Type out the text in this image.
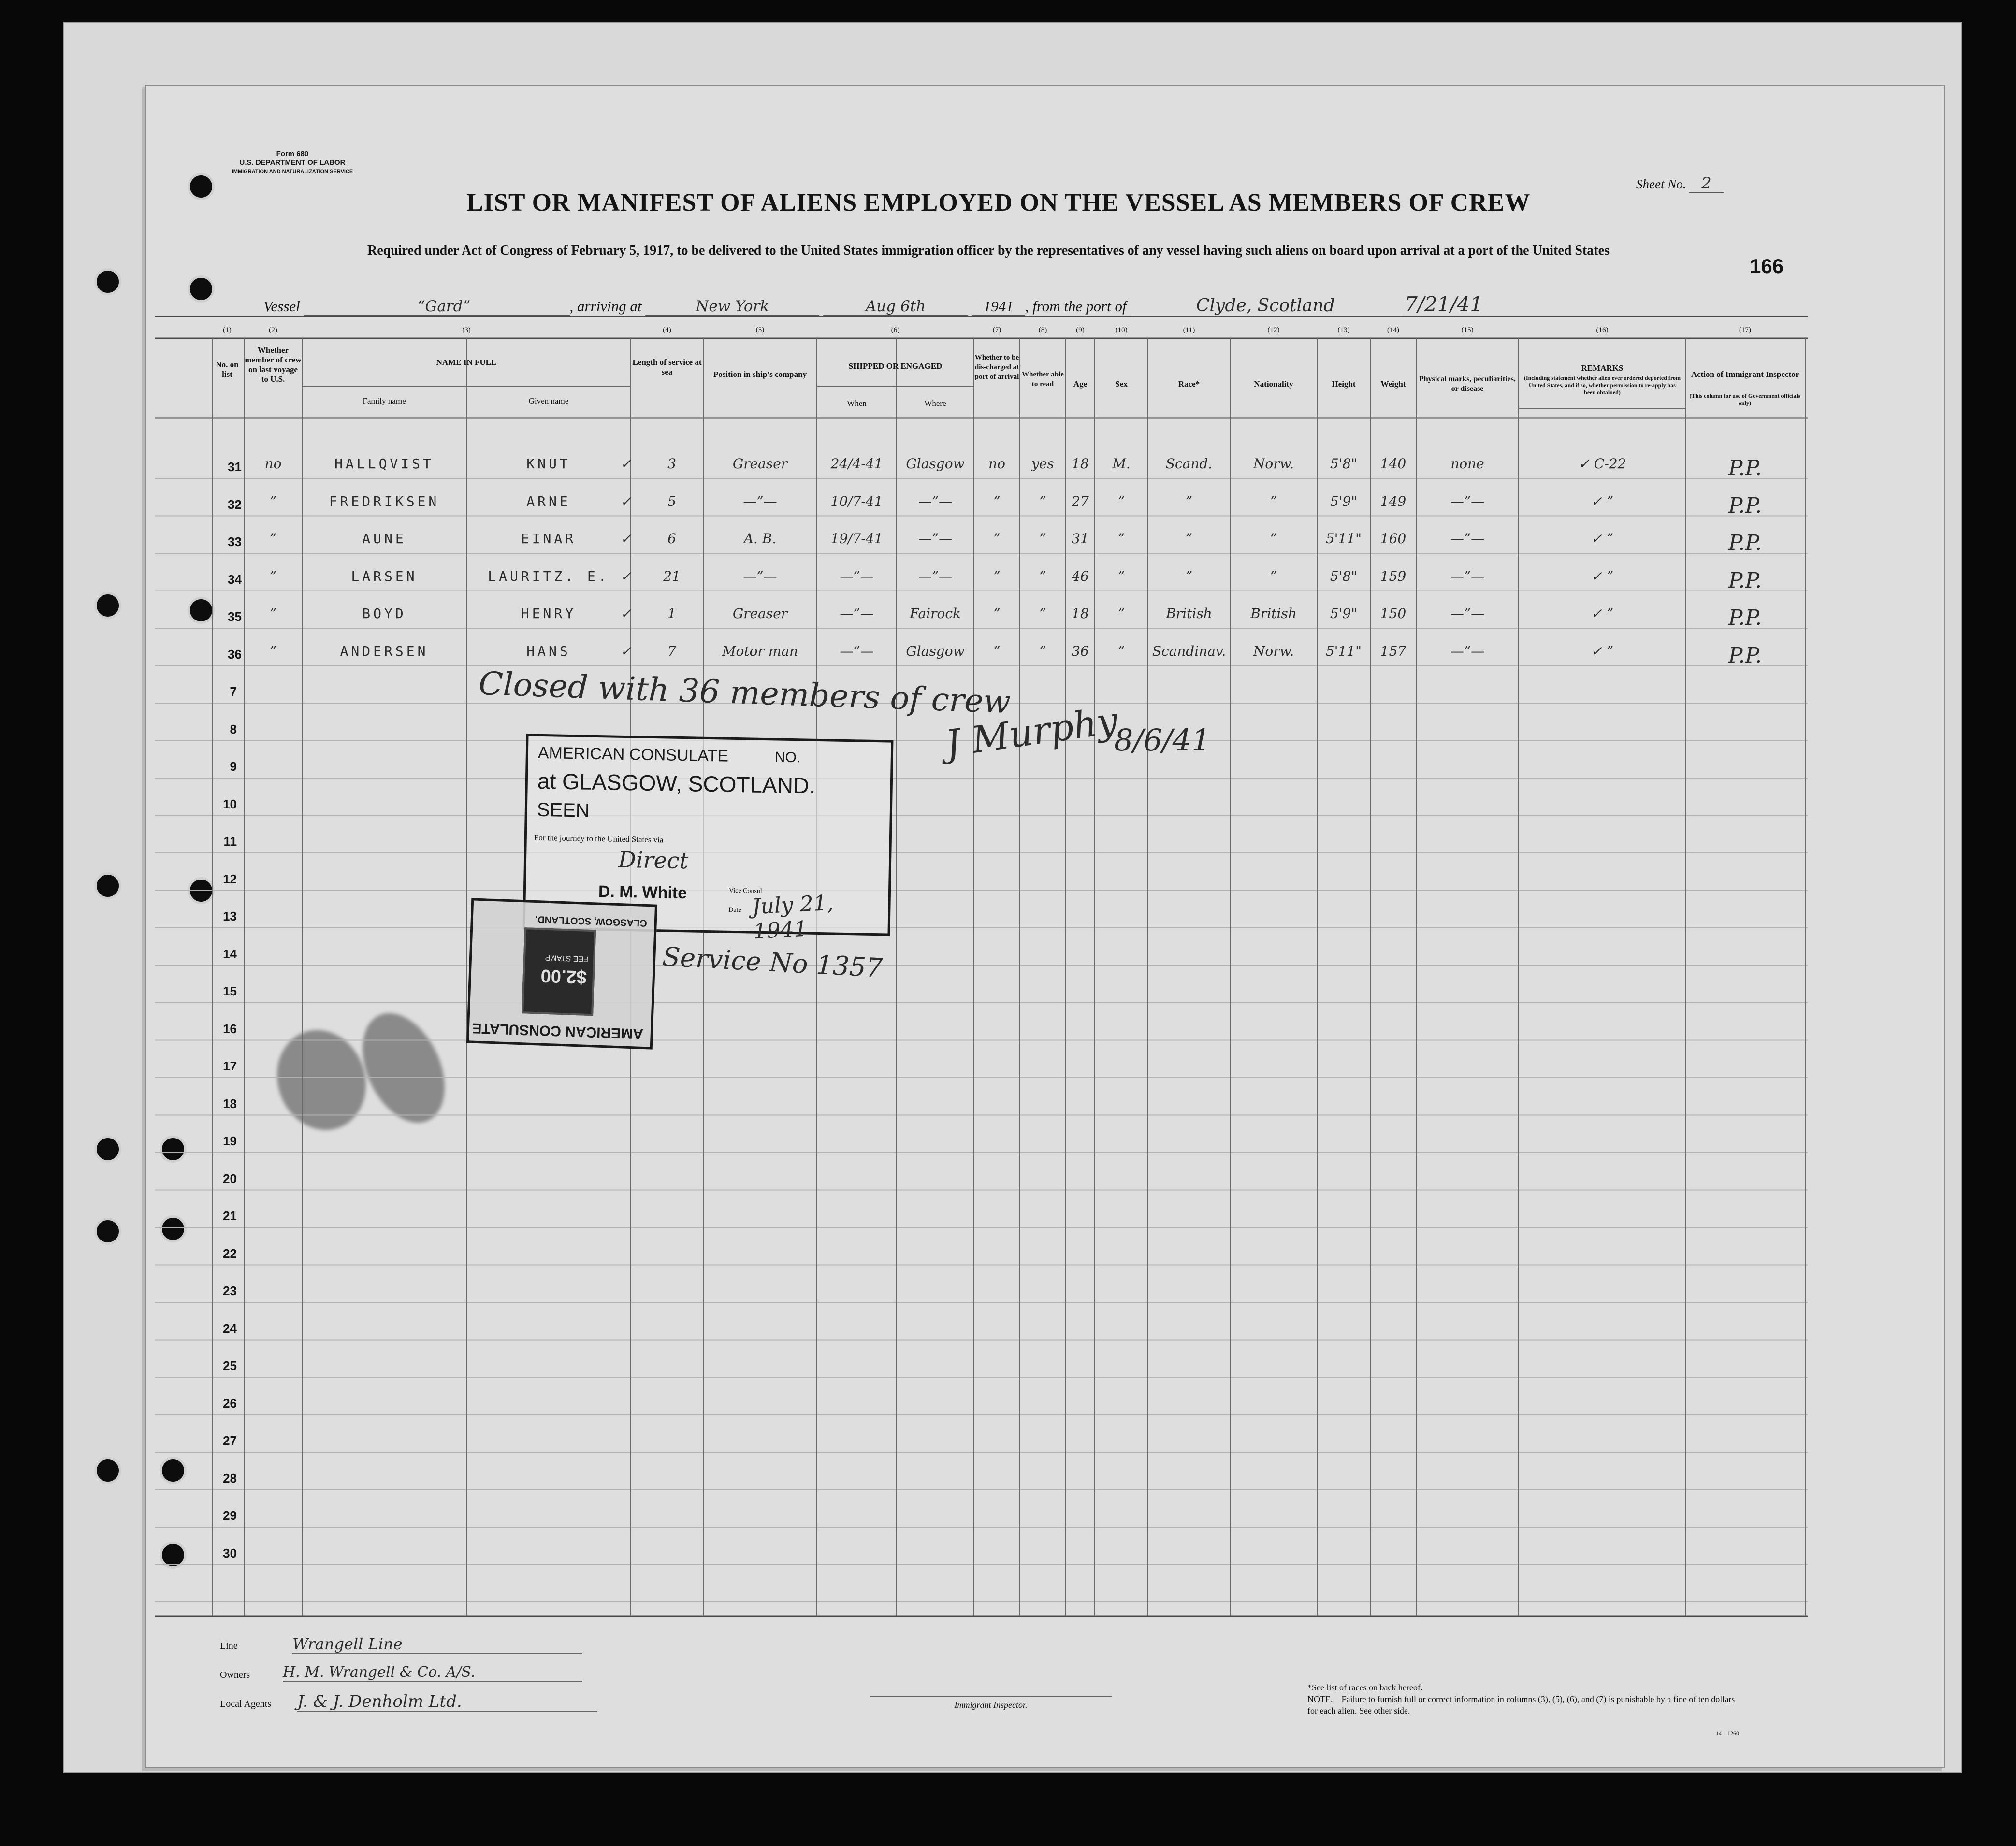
Form 680
U.S. DEPARTMENT OF LABOR
IMMIGRATION AND NATURALIZATION SERVICE
Sheet No. 2
LIST OR MANIFEST OF ALIENS EMPLOYED ON THE VESSEL AS MEMBERS OF CREW
Required under Act of Congress of February 5, 1917, to be delivered to the United States immigration officer by the representatives of any vessel having such aliens on board upon arrival at a port of the United States
166
Vessel	“Gard”	, arriving at	New York	Aug 6th	1941 , from the port of	Clyde, Scotland	7/21/41
(1)
No. on list
(2)
Whether member of crew on last voyage to U.S.
(3)
NAME IN FULL
Family name	Given name
(4)
Length of service at sea
(5)
Position in ship's company
(6)
SHIPPED OR ENGAGED
When	Where
(7)
Whether to be dis-charged at port of arrival
(8)
Whether able to read
(9)
Age
(10)
Sex
(11)
Race*
(12)
Nationality
(13)
Height
(14)
Weight
(15)
Physical marks, peculiarities, or disease
(16)
REMARKS
(Including statement whether alien ever ordered deported from United States, and if so, whether permission to re-apply has been obtained)
(17)
Action of Immigrant Inspector
(This column for use of Government officials only)
31	no	HALLQVIST	KNUT	✓	3	Greaser	24/4-41	Glasgow	no	yes	18	M.	Scand.	Norw.	5'8"	140	none	✓ C-22	P.P.
32	”	FREDRIKSEN	ARNE	✓	5	—”—	10/7-41	—”—	”	”	27	”	”	”	5'9"	149	—”—	✓ ”	P.P.
33	”	AUNE	EINAR	✓	6	A. B.	19/7-41	—”—	”	”	31	”	”	”	5'11"	160	—”—	✓ ”	P.P.
34	”	LARSEN	LAURITZ. E. ✓	21	—”—	—”—	—”—	”	”	46	”	”	”	5'8"	159	—”—	✓ ”	P.P.
35	”	BOYD	HENRY	✓	1	Greaser	—”—	Fairock	”	”	18	”	British	British	5'9"	150	—”—	✓ ”	P.P.
36	”	ANDERSEN	HANS	✓	7	Motor man	—”—	Glasgow	”	”	36	”	Scandinav.	Norw.	5'11"	157	—”—	✓ ”	P.P.
7
8
9
10
11
12
13
14
15
16
17
18
19
20
21
22
23
24
25
26
27
28
29
30
Closed with 36 members of crew
J Murphy
8/6/41
Service No 1357
AMERICAN CONSULATE	NO.
at GLASGOW, SCOTLAND.
SEEN
For the journey to the United States via
Direct
D. M. White	Vice Consul
Date July 21, 1941
AMERICAN CONSULATE
$2.00
FEE STAMP
GLASGOW, SCOTLAND.
Line	Wrangell Line
Owners H. M. Wrangell & Co. A/S.
Local Agents J. & J. Denholm Ltd.	Immigrant Inspector.
*See list of races on back hereof.
NOTE.—Failure to furnish full or correct information in columns (3), (5), (6), and (7) is punishable by a fine of ten dollars for each alien. See other side.
14—1260
